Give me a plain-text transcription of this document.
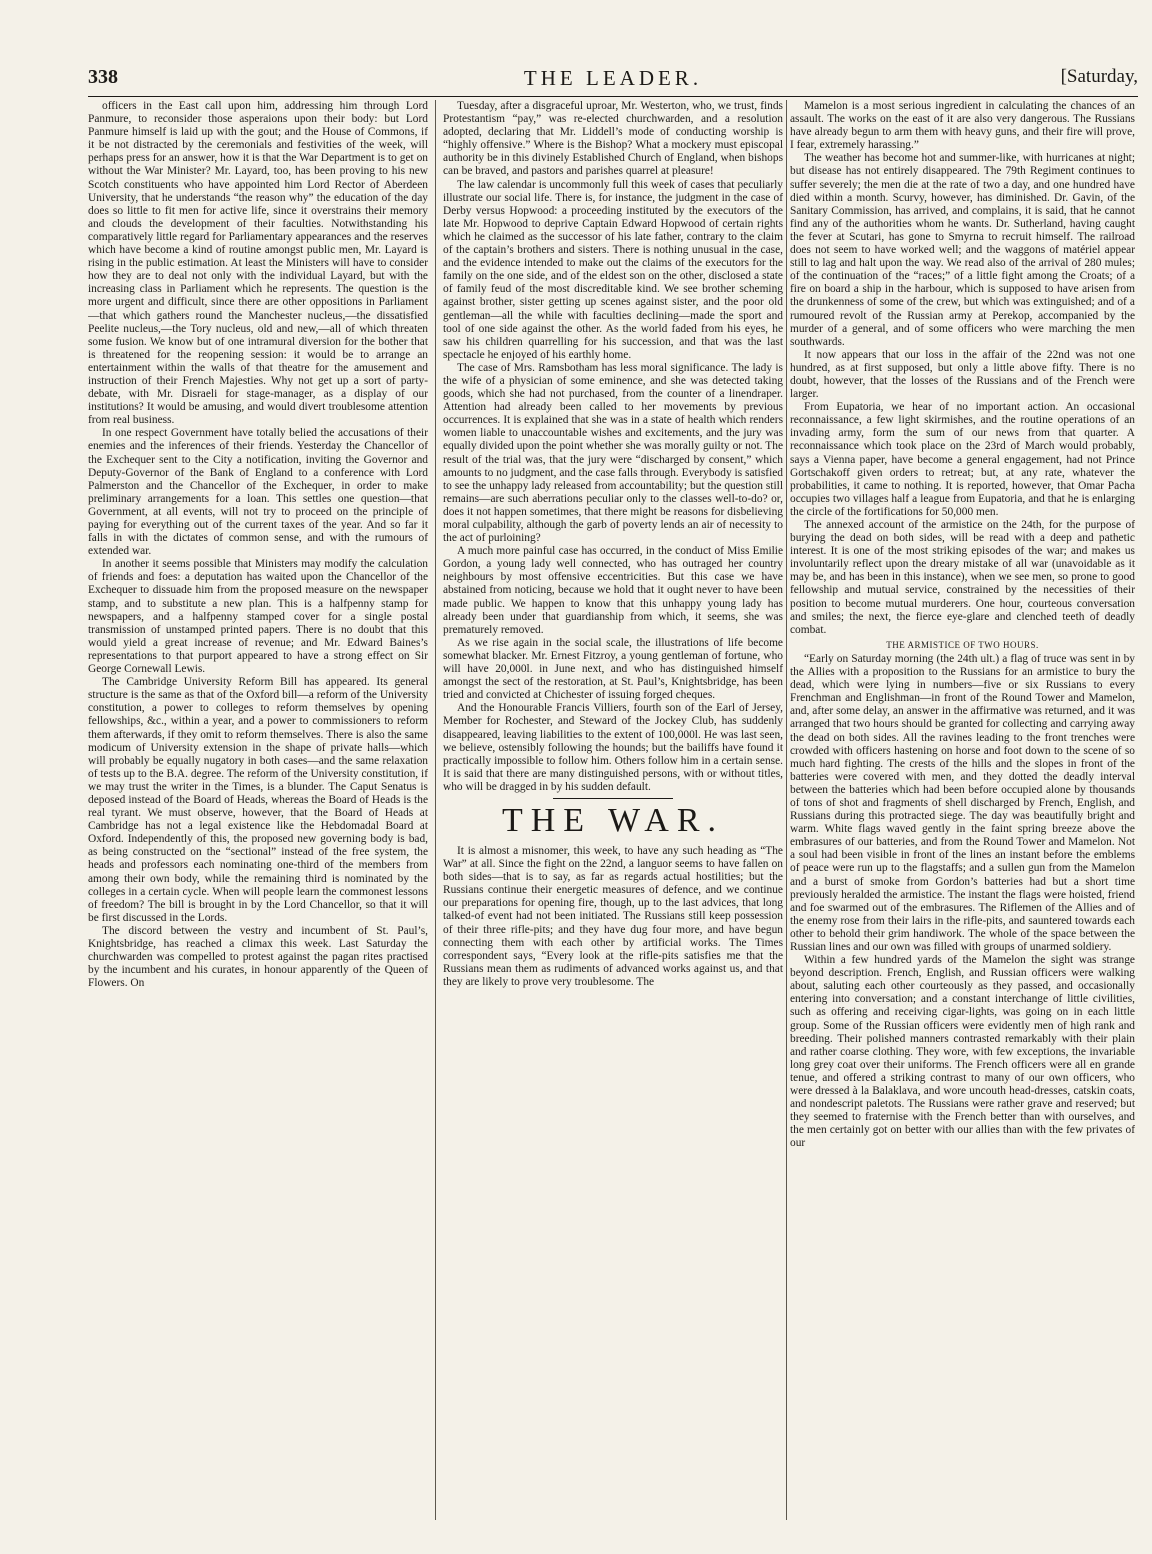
338	THE LEADER.	[Saturday,

officers in the East call upon him, addressing him through Lord Panmure, to reconsider those asperaions upon their body: but Lord Panmure himself is laid up with the gout; and the House of Commons, if it be not distracted by the ceremonials and festivities of the week, will perhaps press for an answer, how it is that the War Department is to get on without the War Minister? Mr. Layard, too, has been proving to his new Scotch constituents who have appointed him Lord Rector of Aberdeen University, that he understands “the reason why” the education of the day does so little to fit men for active life, since it overstrains their memory and clouds the development of their faculties. Notwithstanding his comparatively little regard for Parliamentary appearances and the reserves which have become a kind of routine amongst public men, Mr. Layard is rising in the public estimation. At least the Ministers will have to consider how they are to deal not only with the individual Layard, but with the increasing class in Parliament which he represents. The question is the more urgent and difficult, since there are other oppositions in Parliament—that which gathers round the Manchester nucleus,—the dissatisfied Peelite nucleus,—the Tory nucleus, old and new,—all of which threaten some fusion. We know but of one intramural diversion for the bother that is threatened for the reopening session: it would be to arrange an entertainment within the walls of that theatre for the amusement and instruction of their French Majesties. Why not get up a sort of party-debate, with Mr. Disraeli for stage-manager, as a display of our institutions? It would be amusing, and would divert troublesome attention from real business.

In one respect Government have totally belied the accusations of their enemies and the inferences of their friends. Yesterday the Chancellor of the Exchequer sent to the City a notification, inviting the Governor and Deputy-Governor of the Bank of England to a conference with Lord Palmerston and the Chancellor of the Exchequer, in order to make preliminary arrangements for a loan. This settles one question—that Government, at all events, will not try to proceed on the principle of paying for everything out of the current taxes of the year. And so far it falls in with the dictates of common sense, and with the rumours of extended war.

In another it seems possible that Ministers may modify the calculation of friends and foes: a deputation has waited upon the Chancellor of the Exchequer to dissuade him from the proposed measure on the newspaper stamp, and to substitute a new plan. This is a halfpenny stamp for newspapers, and a halfpenny stamped cover for a single postal transmission of unstamped printed papers. There is no doubt that this would yield a great increase of revenue; and Mr. Edward Baines’s representations to that purport appeared to have a strong effect on Sir George Cornewall Lewis.

The Cambridge University Reform Bill has appeared. Its general structure is the same as that of the Oxford bill—a reform of the University constitution, a power to colleges to reform themselves by opening fellowships, &c., within a year, and a power to commissioners to reform them afterwards, if they omit to reform themselves. There is also the same modicum of University extension in the shape of private halls—which will probably be equally nugatory in both cases—and the same relaxation of tests up to the B.A. degree. The reform of the University constitution, if we may trust the writer in the Times, is a blunder. The Caput Senatus is deposed instead of the Board of Heads, whereas the Board of Heads is the real tyrant. We must observe, however, that the Board of Heads at Cambridge has not a legal existence like the Hebdomadal Board at Oxford. Independently of this, the proposed new governing body is bad, as being constructed on the “sectional” instead of the free system, the heads and professors each nominating one-third of the members from among their own body, while the remaining third is nominated by the colleges in a certain cycle. When will people learn the commonest lessons of freedom? The bill is brought in by the Lord Chancellor, so that it will be first discussed in the Lords.

The discord between the vestry and incumbent of St. Paul’s, Knightsbridge, has reached a climax this week. Last Saturday the churchwarden was compelled to protest against the pagan rites practised by the incumbent and his curates, in honour apparently of the Queen of Flowers. On

Tuesday, after a disgraceful uproar, Mr. Westerton, who, we trust, finds Protestantism “pay,” was re-elected churchwarden, and a resolution adopted, declaring that Mr. Liddell’s mode of conducting worship is “highly offensive.” Where is the Bishop? What a mockery must episcopal authority be in this divinely Established Church of England, when bishops can be braved, and pastors and parishes quarrel at pleasure!

The law calendar is uncommonly full this week of cases that peculiarly illustrate our social life. There is, for instance, the judgment in the case of Derby versus Hopwood: a proceeding instituted by the executors of the late Mr. Hopwood to deprive Captain Edward Hopwood of certain rights which he claimed as the successor of his late father, contrary to the claim of the captain’s brothers and sisters. There is nothing unusual in the case, and the evidence intended to make out the claims of the executors for the family on the one side, and of the eldest son on the other, disclosed a state of family feud of the most discreditable kind. We see brother scheming against brother, sister getting up scenes against sister, and the poor old gentleman—all the while with faculties declining—made the sport and tool of one side against the other. As the world faded from his eyes, he saw his children quarrelling for his succession, and that was the last spectacle he enjoyed of his earthly home.

The case of Mrs. Ramsbotham has less moral significance. The lady is the wife of a physician of some eminence, and she was detected taking goods, which she had not purchased, from the counter of a linendraper. Attention had already been called to her movements by previous occurrences. It is explained that she was in a state of health which renders women liable to unaccountable wishes and excitements, and the jury was equally divided upon the point whether she was morally guilty or not. The result of the trial was, that the jury were “discharged by consent,” which amounts to no judgment, and the case falls through. Everybody is satisfied to see the unhappy lady released from accountability; but the question still remains—are such aberrations peculiar only to the classes well-to-do? or, does it not happen sometimes, that there might be reasons for disbelieving moral culpability, although the garb of poverty lends an air of necessity to the act of purloining?

A much more painful case has occurred, in the conduct of Miss Emilie Gordon, a young lady well connected, who has outraged her country neighbours by most offensive eccentricities. But this case we have abstained from noticing, because we hold that it ought never to have been made public. We happen to know that this unhappy young lady has already been under that guardianship from which, it seems, she was prematurely removed.

As we rise again in the social scale, the illustrations of life become somewhat blacker. Mr. Ernest Fitzroy, a young gentleman of fortune, who will have 20,000l. in June next, and who has distinguished himself amongst the sect of the restoration, at St. Paul’s, Knightsbridge, has been tried and convicted at Chichester of issuing forged cheques.

And the Honourable Francis Villiers, fourth son of the Earl of Jersey, Member for Rochester, and Steward of the Jockey Club, has suddenly disappeared, leaving liabilities to the extent of 100,000l. He was last seen, we believe, ostensibly following the hounds; but the bailiffs have found it practically impossible to follow him. Others follow him in a certain sense. It is said that there are many distinguished persons, with or without titles, who will be dragged in by his sudden default.

THE WAR.

It is almost a misnomer, this week, to have any such heading as “The War” at all. Since the fight on the 22nd, a languor seems to have fallen on both sides—that is to say, as far as regards actual hostilities; but the Russians continue their energetic measures of defence, and we continue our preparations for opening fire, though, up to the last advices, that long talked-of event had not been initiated. The Russians still keep possession of their three rifle-pits; and they have dug four more, and have begun connecting them with each other by artificial works. The Times correspondent says, “Every look at the rifle-pits satisfies me that the Russians mean them as rudiments of advanced works against us, and that they are likely to prove very troublesome. The

Mamelon is a most serious ingredient in calculating the chances of an assault. The works on the east of it are also very dangerous. The Russians have already begun to arm them with heavy guns, and their fire will prove, I fear, extremely harassing.”

The weather has become hot and summer-like, with hurricanes at night; but disease has not entirely disappeared. The 79th Regiment continues to suffer severely; the men die at the rate of two a day, and one hundred have died within a month. Scurvy, however, has diminished. Dr. Gavin, of the Sanitary Commission, has arrived, and complains, it is said, that he cannot find any of the authorities whom he wants. Dr. Sutherland, having caught the fever at Scutari, has gone to Smyrna to recruit himself. The railroad does not seem to have worked well; and the waggons of matériel appear still to lag and halt upon the way. We read also of the arrival of 280 mules; of the continuation of the “races;” of a little fight among the Croats; of a fire on board a ship in the harbour, which is supposed to have arisen from the drunkenness of some of the crew, but which was extinguished; and of a rumoured revolt of the Russian army at Perekop, accompanied by the murder of a general, and of some officers who were marching the men southwards.

It now appears that our loss in the affair of the 22nd was not one hundred, as at first supposed, but only a little above fifty. There is no doubt, however, that the losses of the Russians and of the French were larger.

From Eupatoria, we hear of no important action. An occasional reconnaissance, a few light skirmishes, and the routine operations of an invading army, form the sum of our news from that quarter. A reconnaissance which took place on the 23rd of March would probably, says a Vienna paper, have become a general engagement, had not Prince Gortschakoff given orders to retreat; but, at any rate, whatever the probabilities, it came to nothing. It is reported, however, that Omar Pacha occupies two villages half a league from Eupatoria, and that he is enlarging the circle of the fortifications for 50,000 men.

The annexed account of the armistice on the 24th, for the purpose of burying the dead on both sides, will be read with a deep and pathetic interest. It is one of the most striking episodes of the war; and makes us involuntarily reflect upon the dreary mistake of all war (unavoidable as it may be, and has been in this instance), when we see men, so prone to good fellowship and mutual service, constrained by the necessities of their position to become mutual murderers. One hour, courteous conversation and smiles; the next, the fierce eye-glare and clenched teeth of deadly combat.

THE ARMISTICE OF TWO HOURS.

“Early on Saturday morning (the 24th ult.) a flag of truce was sent in by the Allies with a proposition to the Russians for an armistice to bury the dead, which were lying in numbers—five or six Russians to every Frenchman and Englishman—in front of the Round Tower and Mamelon, and, after some delay, an answer in the affirmative was returned, and it was arranged that two hours should be granted for collecting and carrying away the dead on both sides. All the ravines leading to the front trenches were crowded with officers hastening on horse and foot down to the scene of so much hard fighting. The crests of the hills and the slopes in front of the batteries were covered with men, and they dotted the deadly interval between the batteries which had been before occupied alone by thousands of tons of shot and fragments of shell discharged by French, English, and Russians during this protracted siege. The day was beautifully bright and warm. White flags waved gently in the faint spring breeze above the embrasures of our batteries, and from the Round Tower and Mamelon. Not a soul had been visible in front of the lines an instant before the emblems of peace were run up to the flagstaffs; and a sullen gun from the Mamelon and a burst of smoke from Gordon’s batteries had but a short time previously heralded the armistice. The instant the flags were hoisted, friend and foe swarmed out of the embrasures. The Riflemen of the Allies and of the enemy rose from their lairs in the rifle-pits, and sauntered towards each other to behold their grim handiwork. The whole of the space between the Russian lines and our own was filled with groups of unarmed soldiery.

Within a few hundred yards of the Mamelon the sight was strange beyond description. French, English, and Russian officers were walking about, saluting each other courteously as they passed, and occasionally entering into conversation; and a constant interchange of little civilities, such as offering and receiving cigar-lights, was going on in each little group. Some of the Russian officers were evidently men of high rank and breeding. Their polished manners contrasted remarkably with their plain and rather coarse clothing. They wore, with few exceptions, the invariable long grey coat over their uniforms. The French officers were all en grande tenue, and offered a striking contrast to many of our own officers, who were dressed à la Balaklava, and wore uncouth head-dresses, catskin coats, and nondescript paletots. The Russians were rather grave and reserved; but they seemed to fraternise with the French better than with ourselves, and the men certainly got on better with our allies than with the few privates of our
